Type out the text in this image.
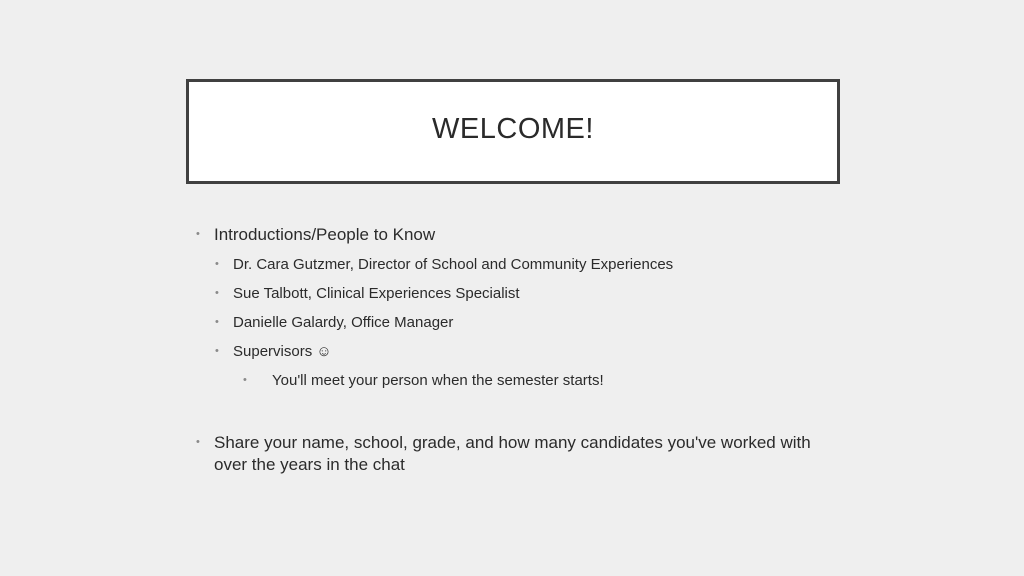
WELCOME!
• Introductions/People to Know
• Dr. Cara Gutzmer, Director of School and Community Experiences
• Sue Talbott, Clinical Experiences Specialist
• Danielle Galardy, Office Manager
• Supervisors ☺
• You'll meet your person when the semester starts!
• Share your name, school, grade, and how many candidates you've worked with over the years in the chat
